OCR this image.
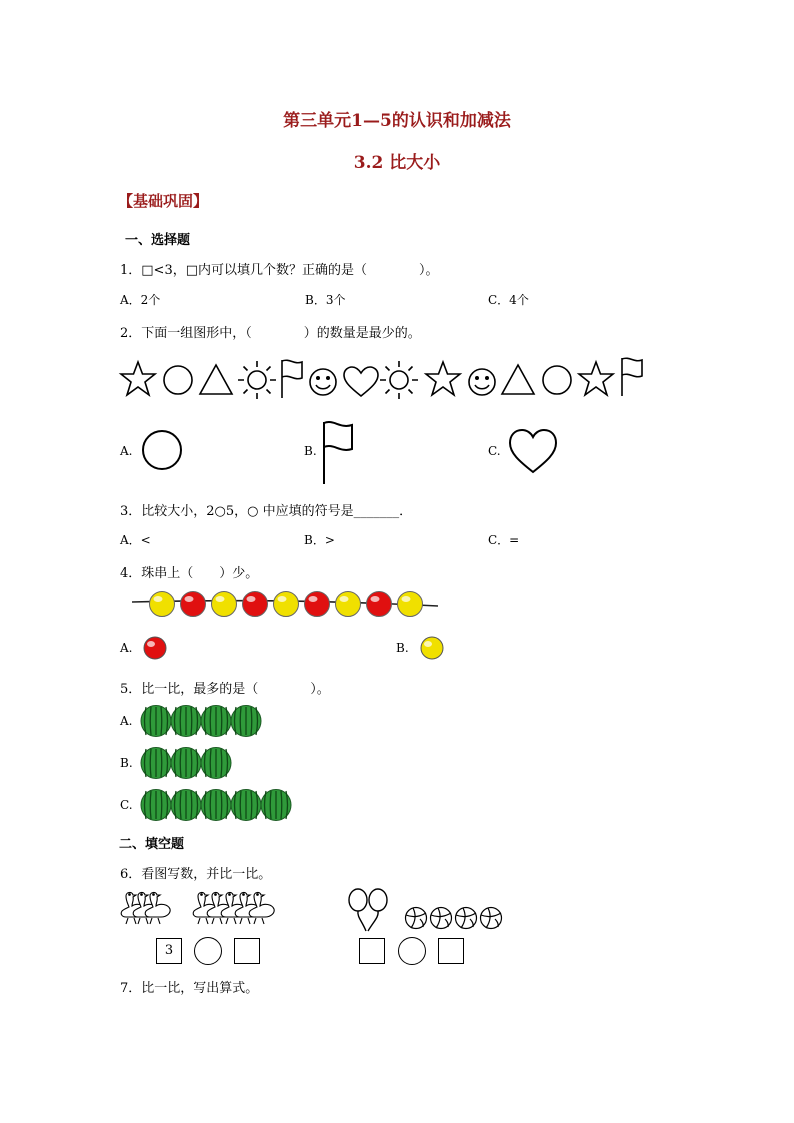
第三单元1—5的认识和加减法
3.2 比大小
【基础巩固】
一、选择题
1．□<3，□内可以填几个数？正确的是（　　　　）。
A．2个	B．3个	C．4个
2．下面一组图形中，（　　　　）的数量是最少的。
A.	B.	C.
3．比较大小，2○5，○ 中应填的符号是_______．
A．<	B．>	C．=
4．珠串上（　　）少。
A.	B.
5．比一比，最多的是（　　　　）。
A.
B.
C.
二、填空题
6．看图写数，并比一比。
3
7．比一比，写出算式。
